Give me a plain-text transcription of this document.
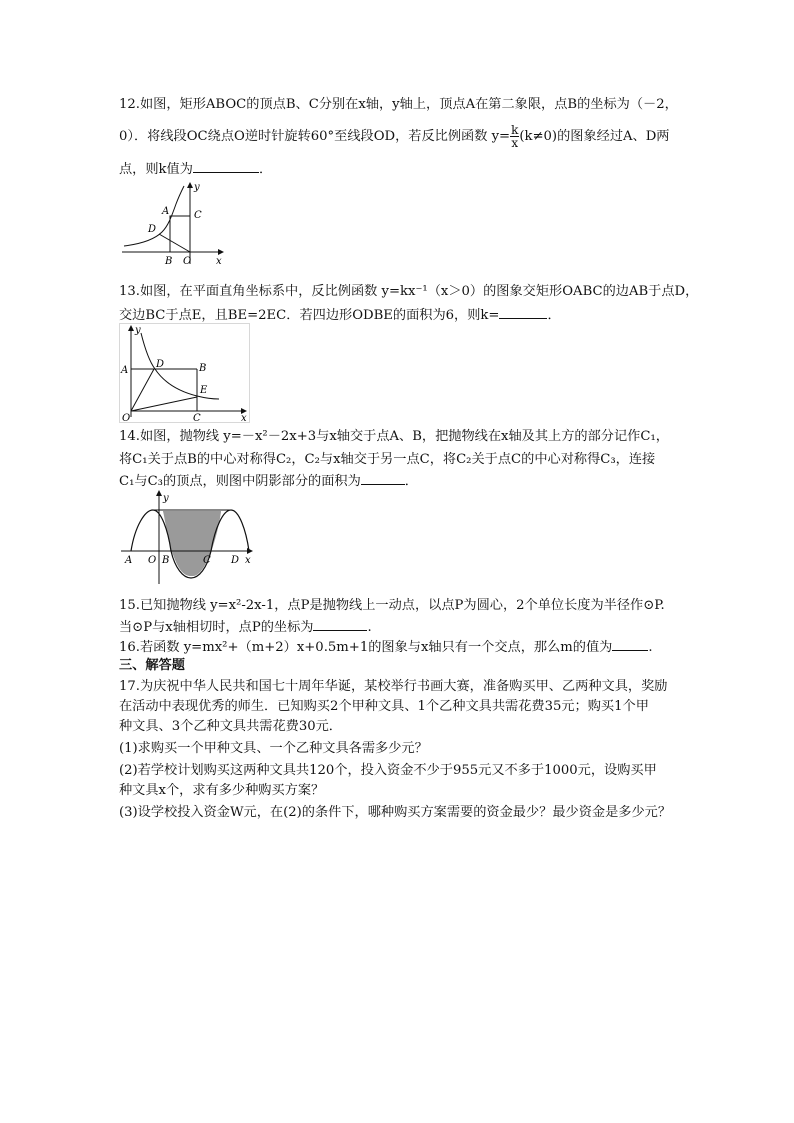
12.如图，矩形ABOC的顶点B、C分别在x轴，y轴上，顶点A在第二象限，点B的坐标为（－2，
0）．将线段OC绕点O逆时针旋转60°至线段OD，若反比例函数 $y= \frac{k}{x} (k\ne 0)$的图象经过A、D两
点，则k值为	．
A C
D
B O x
y
13.如图，在平面直角坐标系中，反比例函数 y=kx⁻¹（x＞0）的图象交矩形OABC的边AB于点D，
交边BC于点E，且BE=2EC．若四边形ODBE的面积为6，则k=	．
y
A
D	B
E
O	C	x
14.如图，抛物线 y=－x²－2x+3与x轴交于点A、B，把抛物线在x轴及其上方的部分记作C₁，
将C₁关于点B的中心对称得C₂，C₂与x轴交于另一点C，将C₂关于点C的中心对称得C₃，连接
C₁与C₃的顶点，则图中阴影部分的面积为	．
y
A O B	C D x
15.已知抛物线 y=x²-2x-1，点P是抛物线上一动点，以点P为圆心，2个单位长度为半径作⊙P.
当⊙P与x轴相切时，点P的坐标为	.
16.若函数 y=mx²+（m+2）x+0.5m+1的图象与x轴只有一个交点，那么m的值为	.
三、解答题
17.为庆祝中华人民共和国七十周年华诞，某校举行书画大赛，准备购买甲、乙两种文具，奖励
在活动中表现优秀的师生．已知购买2个甲种文具、1个乙种文具共需花费35元；购买1个甲
种文具、3个乙种文具共需花费30元．
(1)求购买一个甲种文具、一个乙种文具各需多少元？
(2)若学校计划购买这两种文具共120个，投入资金不少于955元又不多于1000元，设购买甲
种文具x个，求有多少种购买方案？
(3)设学校投入资金W元，在(2)的条件下，哪种购买方案需要的资金最少？最少资金是多少元？
